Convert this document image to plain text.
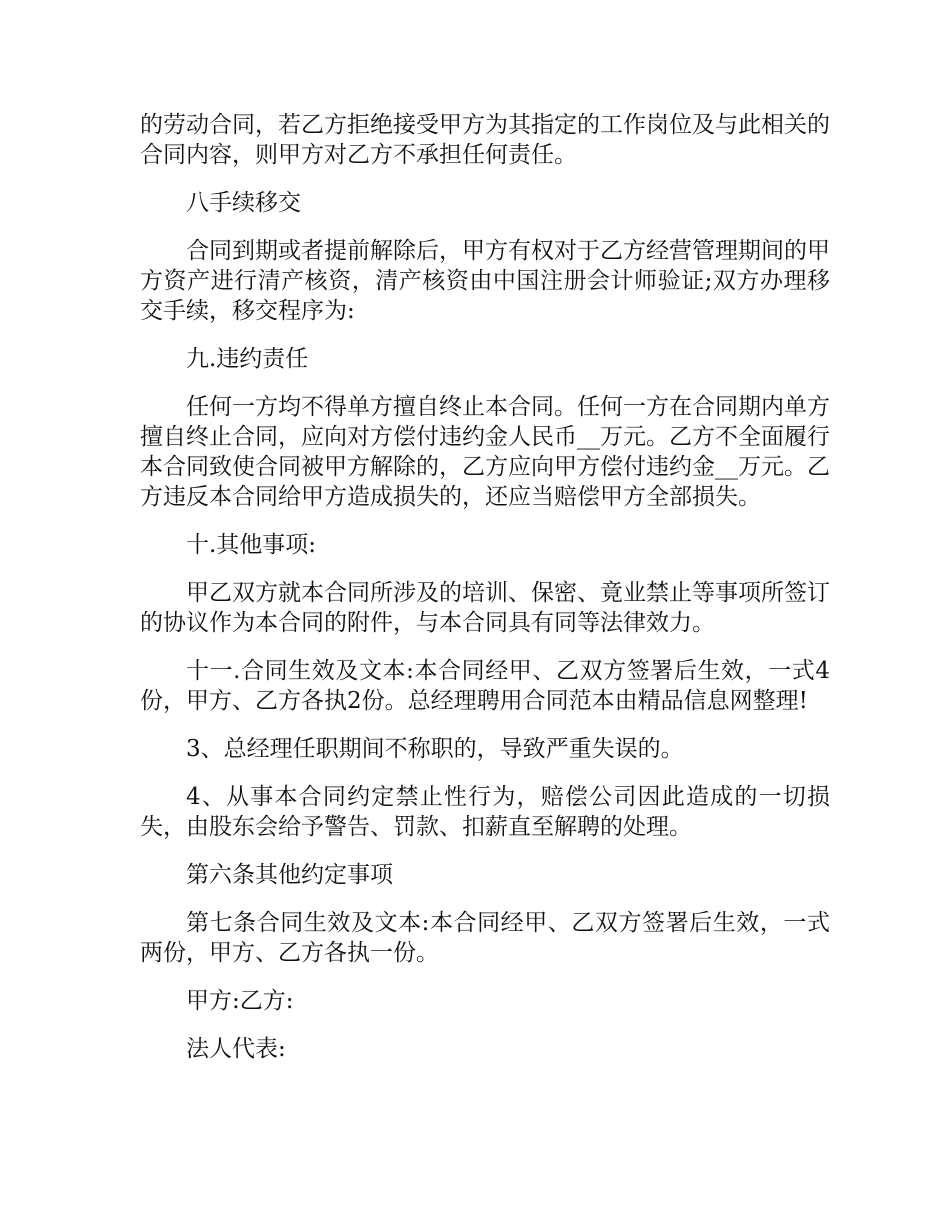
的劳动合同，若乙方拒绝接受甲方为其指定的工作岗位及与此相关的合同内容，则甲方对乙方不承担任何责任。

八手续移交

合同到期或者提前解除后，甲方有权对于乙方经营管理期间的甲方资产进行清产核资，清产核资由中国注册会计师验证;双方办理移交手续，移交程序为:

九.违约责任

任何一方均不得单方擅自终止本合同。任何一方在合同期内单方擅自终止合同，应向对方偿付违约金人民币__万元。乙方不全面履行本合同致使合同被甲方解除的，乙方应向甲方偿付违约金__万元。乙方违反本合同给甲方造成损失的，还应当赔偿甲方全部损失。

十.其他事项:

甲乙双方就本合同所涉及的培训、保密、竟业禁止等事项所签订的协议作为本合同的附件，与本合同具有同等法律效力。

十一.合同生效及文本:本合同经甲、乙双方签署后生效，一式4份，甲方、乙方各执2份。总经理聘用合同范本由精品信息网整理!

3、总经理任职期间不称职的，导致严重失误的。

4、从事本合同约定禁止性行为，赔偿公司因此造成的一切损失，由股东会给予警告、罚款、扣薪直至解聘的处理。

第六条其他约定事项

第七条合同生效及文本:本合同经甲、乙双方签署后生效，一式两份，甲方、乙方各执一份。

甲方:乙方:

法人代表:
